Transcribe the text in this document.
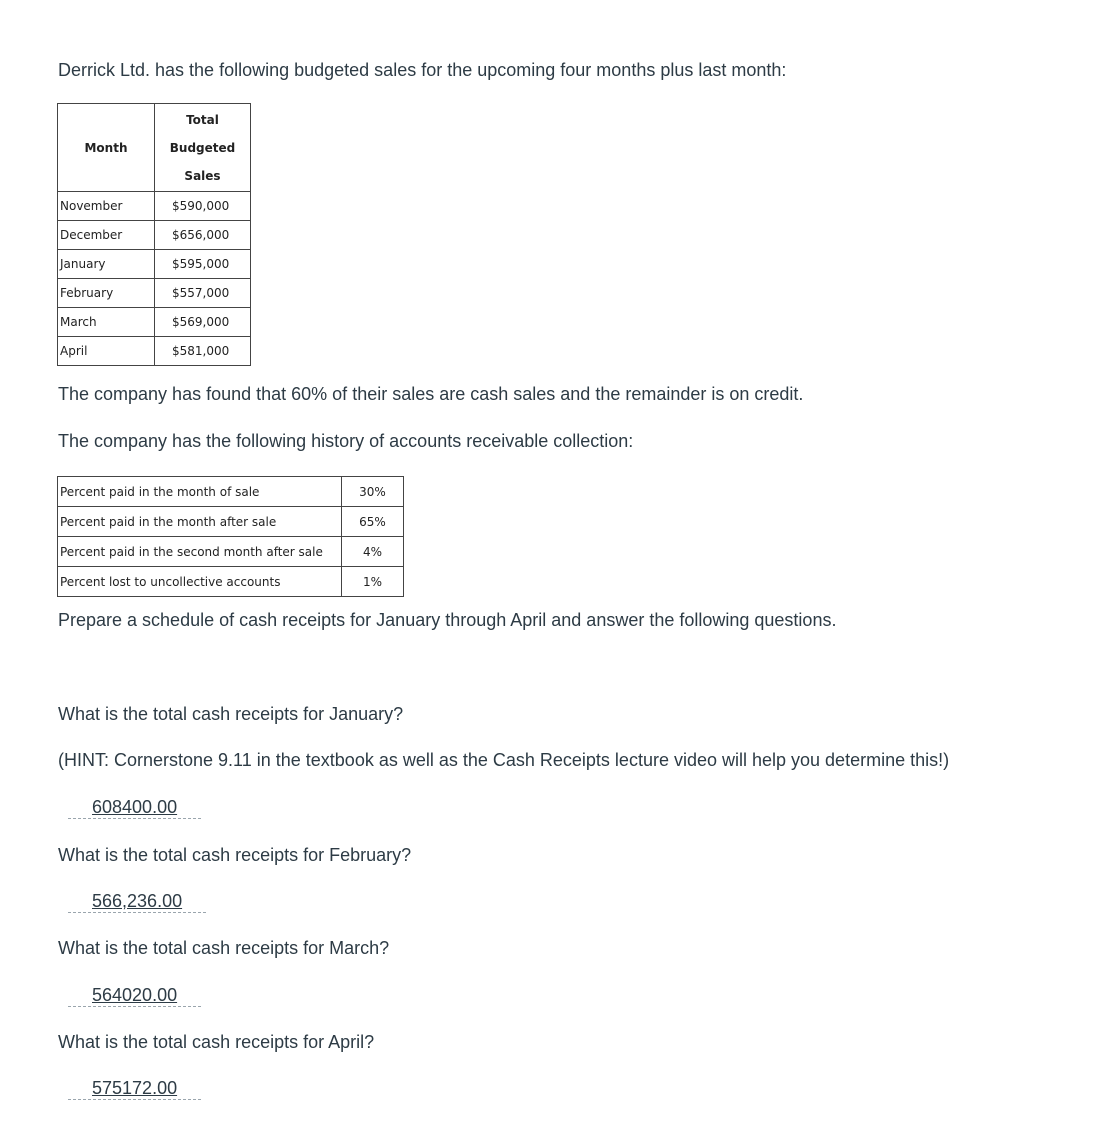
Derrick Ltd. has the following budgeted sales for the upcoming four months plus last month:
Month	Total
Budgeted
Sales
November	$590,000
December	$656,000
January	$595,000
February	$557,000
March	$569,000
April	$581,000
The company has found that 60% of their sales are cash sales and the remainder is on credit.
The company has the following history of accounts receivable collection:
Percent paid in the month of sale	30%
Percent paid in the month after sale	65%
Percent paid in the second month after sale	4%
Percent lost to uncollective accounts	1%
Prepare a schedule of cash receipts for January through April and answer the following questions.
What is the total cash receipts for January?
(HINT: Cornerstone 9.11 in the textbook as well as the Cash Receipts lecture video will help you determine this!)
608400.00
What is the total cash receipts for February?
566,236.00
What is the total cash receipts for March?
564020.00
What is the total cash receipts for April?
575172.00
